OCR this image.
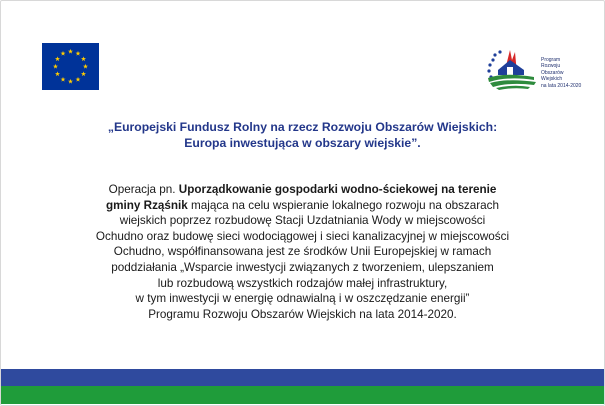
Program
Rozwoju
Obszarów
Wiejskich
na lata 2014-2020
„Europejski Fundusz Rolny na rzecz Rozwoju Obszarów Wiejskich:
Europa inwestująca w obszary wiejskie”.
Operacja pn. Uporządkowanie gospodarki wodno-ściekowej na terenie
gminy Rząśnik mająca na celu wspieranie lokalnego rozwoju na obszarach
wiejskich poprzez rozbudowę Stacji Uzdatniania Wody w miejscowości
Ochudno oraz budowę sieci wodociągowej i sieci kanalizacyjnej w miejscowości
Ochudno, współfinansowana jest ze środków Unii Europejskiej w ramach
poddziałania „Wsparcie inwestycji związanych z tworzeniem, ulepszaniem
lub rozbudową wszystkich rodzajów małej infrastruktury,
w tym inwestycji w energię odnawialną i w oszczędzanie energii”
Programu Rozwoju Obszarów Wiejskich na lata 2014-2020.
